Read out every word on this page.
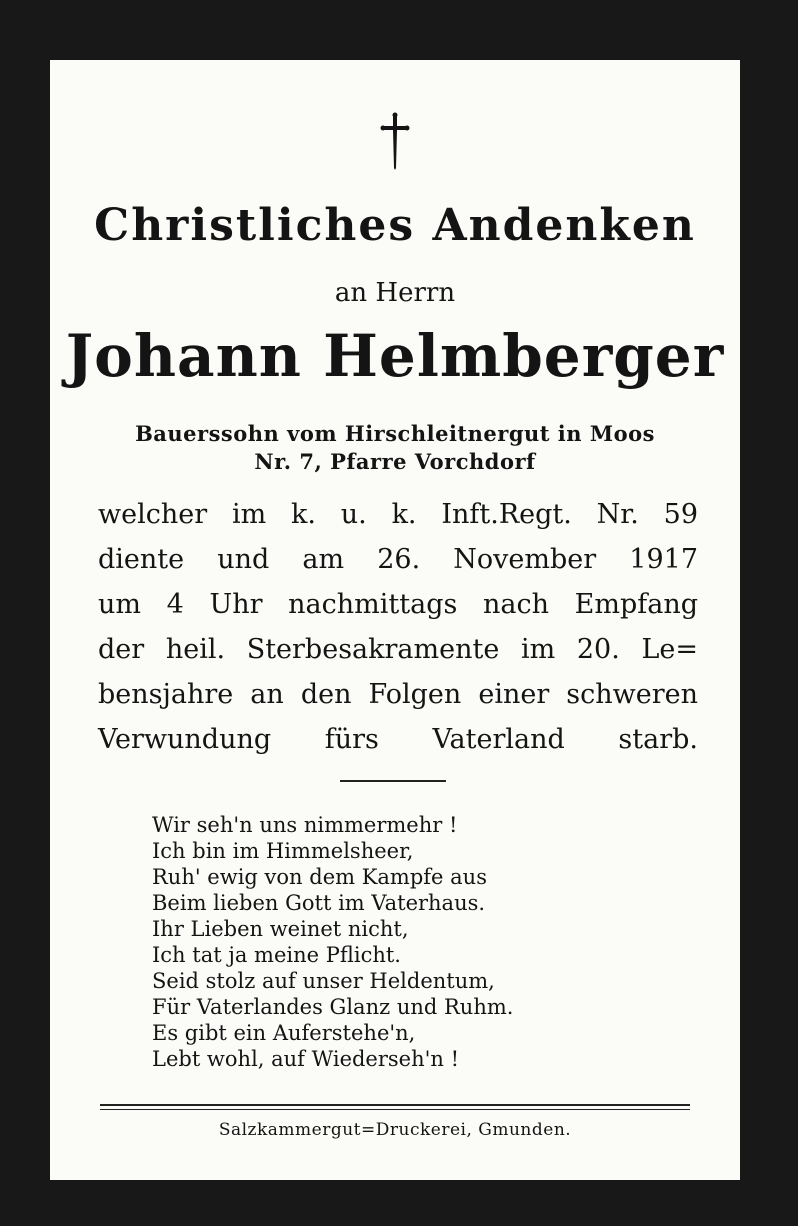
Christliches Andenken
an Herrn
Johann Helmberger
Bauerssohn vom Hirschleitnergut in Moos
Nr. 7, Pfarre Vorchdorf
welcher im k. u. k. Inft.Regt. Nr. 59
diente und am 26. November 1917
um 4 Uhr nachmittags nach Empfang
der heil. Sterbesakramente im 20. Le=
bensjahre an den Folgen einer schweren
Verwundung fürs Vaterland starb.
Wir seh'n uns nimmermehr !
Ich bin im Himmelsheer,
Ruh' ewig von dem Kampfe aus
Beim lieben Gott im Vaterhaus.
Ihr Lieben weinet nicht,
Ich tat ja meine Pflicht.
Seid stolz auf unser Heldentum,
Für Vaterlandes Glanz und Ruhm.
Es gibt ein Auferstehe'n,
Lebt wohl, auf Wiederseh'n !
Salzkammergut=Druckerei, Gmunden.
